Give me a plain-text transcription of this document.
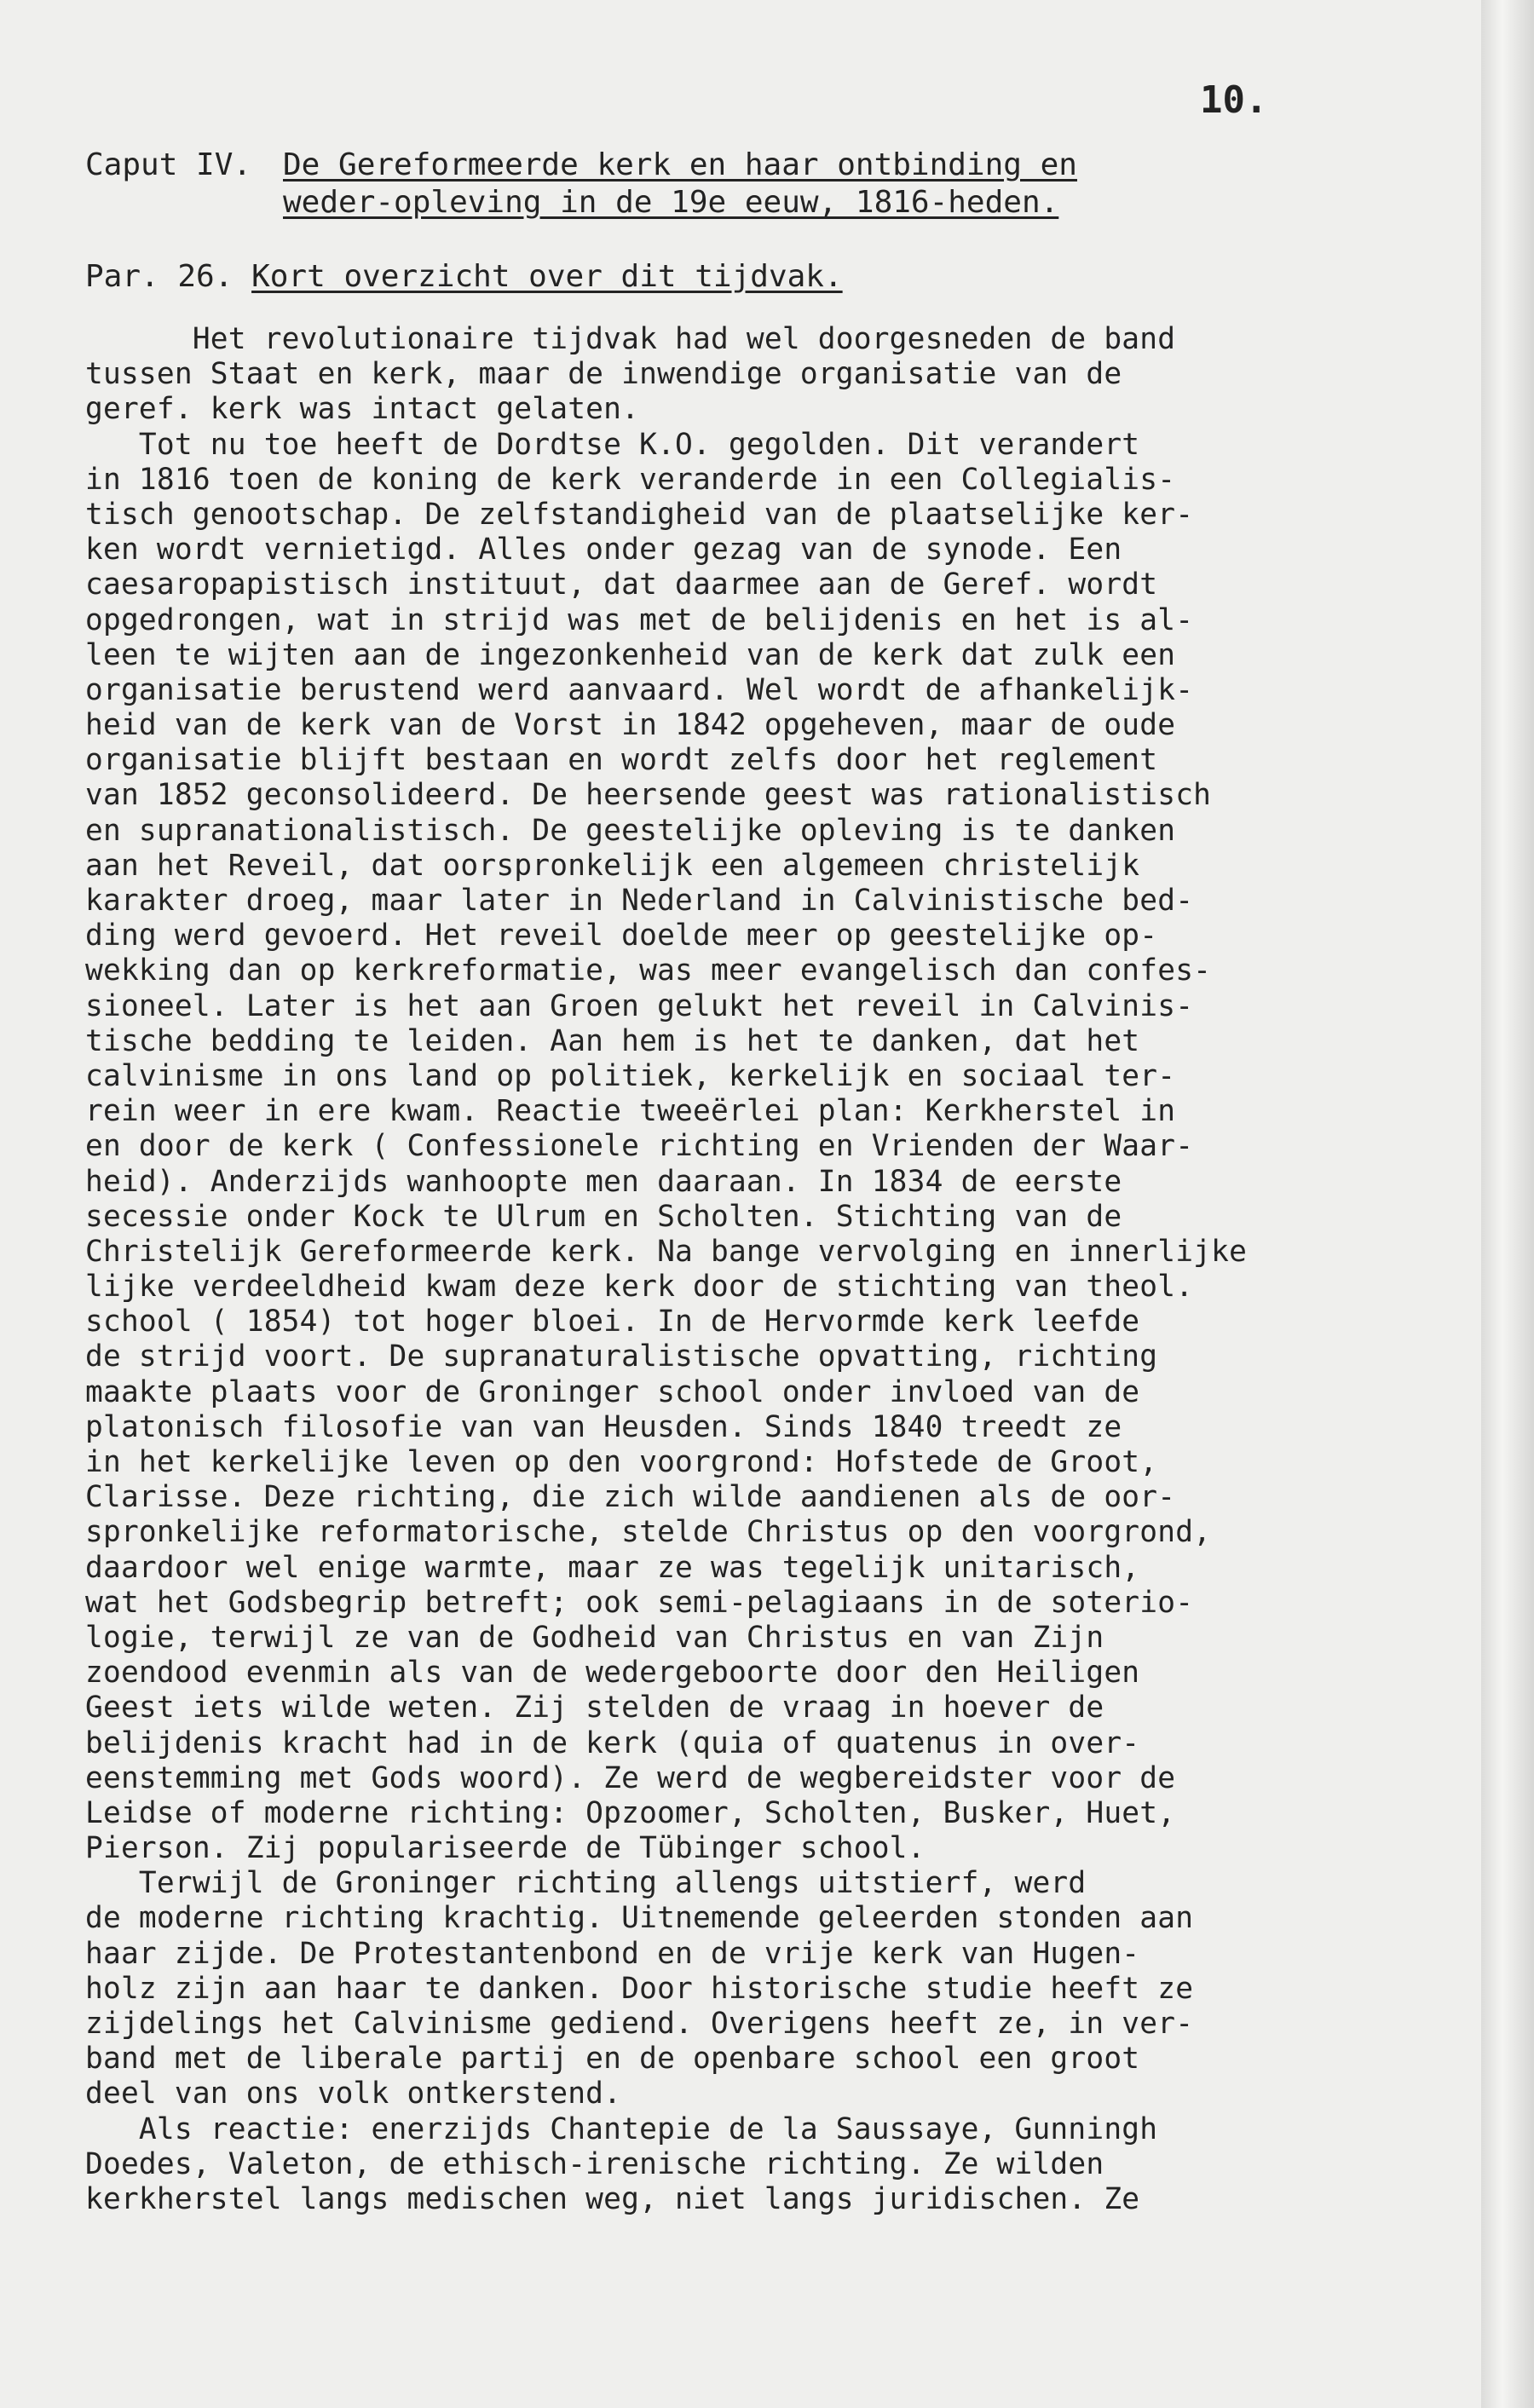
10.
Caput IV. De Gereformeerde kerk en haar ontbinding en
weder-opleving in de 19e eeuw, 1816-heden.
Par. 26. Kort overzicht over dit tijdvak.
Het revolutionaire tijdvak had wel doorgesneden de band
tussen Staat en kerk, maar de inwendige organisatie van de
geref. kerk was intact gelaten.
Tot nu toe heeft de Dordtse K.O. gegolden. Dit verandert
in 1816 toen de koning de kerk veranderde in een Collegialis-
tisch genootschap. De zelfstandigheid van de plaatselijke ker-
ken wordt vernietigd. Alles onder gezag van de synode. Een
caesaropapistisch instituut, dat daarmee aan de Geref. wordt
opgedrongen, wat in strijd was met de belijdenis en het is al-
leen te wijten aan de ingezonkenheid van de kerk dat zulk een
organisatie berustend werd aanvaard. Wel wordt de afhankelijk-
heid van de kerk van de Vorst in 1842 opgeheven, maar de oude
organisatie blijft bestaan en wordt zelfs door het reglement
van 1852 geconsolideerd. De heersende geest was rationalistisch
en supranationalistisch. De geestelijke opleving is te danken
aan het Reveil, dat oorspronkelijk een algemeen christelijk
karakter droeg, maar later in Nederland in Calvinistische bed-
ding werd gevoerd. Het reveil doelde meer op geestelijke op-
wekking dan op kerkreformatie, was meer evangelisch dan confes-
sioneel. Later is het aan Groen gelukt het reveil in Calvinis-
tische bedding te leiden. Aan hem is het te danken, dat het
calvinisme in ons land op politiek, kerkelijk en sociaal ter-
rein weer in ere kwam. Reactie tweeërlei plan: Kerkherstel in
en door de kerk ( Confessionele richting en Vrienden der Waar-
heid). Anderzijds wanhoopte men daaraan. In 1834 de eerste
secessie onder Kock te Ulrum en Scholten. Stichting van de
Christelijk Gereformeerde kerk. Na bange vervolging en innerlijke
lijke verdeeldheid kwam deze kerk door de stichting van theol.
school ( 1854) tot hoger bloei. In de Hervormde kerk leefde
de strijd voort. De supranaturalistische opvatting, richting
maakte plaats voor de Groninger school onder invloed van de
platonisch filosofie van van Heusden. Sinds 1840 treedt ze
in het kerkelijke leven op den voorgrond: Hofstede de Groot,
Clarisse. Deze richting, die zich wilde aandienen als de oor-
spronkelijke reformatorische, stelde Christus op den voorgrond,
daardoor wel enige warmte, maar ze was tegelijk unitarisch,
wat het Godsbegrip betreft; ook semi-pelagiaans in de soterio-
logie, terwijl ze van de Godheid van Christus en van Zijn
zoendood evenmin als van de wedergeboorte door den Heiligen
Geest iets wilde weten. Zij stelden de vraag in hoever de
belijdenis kracht had in de kerk (quia of quatenus in over-
eenstemming met Gods woord). Ze werd de wegbereidster voor de
Leidse of moderne richting: Opzoomer, Scholten, Busker, Huet,
Pierson. Zij populariseerde de Tübinger school.
Terwijl de Groninger richting allengs uitstierf, werd
de moderne richting krachtig. Uitnemende geleerden stonden aan
haar zijde. De Protestantenbond en de vrije kerk van Hugen-
holz zijn aan haar te danken. Door historische studie heeft ze
zijdelings het Calvinisme gediend. Overigens heeft ze, in ver-
band met de liberale partij en de openbare school een groot
deel van ons volk ontkerstend.
Als reactie: enerzijds Chantepie de la Saussaye, Gunningh
Doedes, Valeton, de ethisch-irenische richting. Ze wilden
kerkherstel langs medischen weg, niet langs juridischen. Ze
